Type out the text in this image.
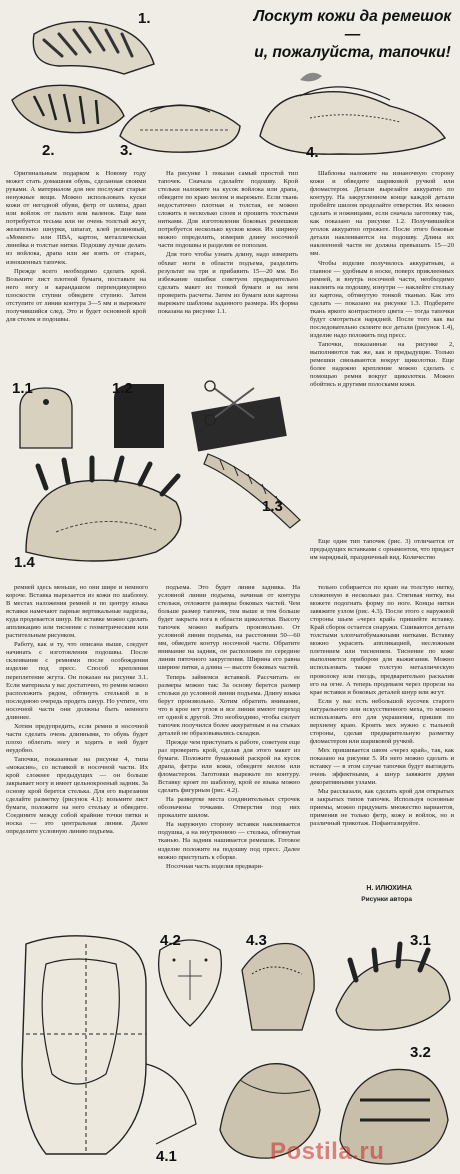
1.
2.	3.	4.
Лоскут кожи да ремешок —
и, пожалуйста, тапочки!

Оригинальным подарком к Новому году может стать домашняя обувь, сделанная своими руками. А материалом для нее послужат старые ненужные вещи. Можно использовать куски кожи от негодной обуви, фетр от шляпы, драп или войлок от пальто или валенок. Еще вам потребуется тесьма или не очень толстый жгут, желательно шнурки, шпагат, клей резиновый, «Момент» или ПВА, картон, металлическая линейка и толстые нитки. Подошву лучше делать из войлока, драпа или же взять от старых, изношенных тапочек.

Прежде всего необходимо сделать крой. Возьмите лист плотной бумаги, поставьте на него ногу и карандашом перпендикулярно плоскости ступни обведите ступню. Затем отступите от линии контура 3—5 мм и вырежьте получившийся след. Это и будет основной крой для стелек и подошвы.

На рисунке 1 показан самый простой тип тапочек. Сначала сделайте подошву. Крой стельки наложите на кусок войлока или драпа, обведите по краю мелом и вырежьте. Если ткань недостаточно плотная и толстая, ее можно сложить в несколько слоев и прошить толстыми нитками. Для изготовления боковых ремешков потребуется несколько кусков кожи. Их ширину можно определить, измерив длину носочной части подошвы и разделив ее пополам.

Для того чтобы узнать длину, надо измерить обхват ноги в области подъема, разделить результат на три и прибавить 15—20 мм. Во избежание ошибки советуем предварительно сделать макет из тонкой бумаги и на нем проверить расчеты. Затем из бумаги или картона вырежьте шаблоны заданного размера. Их форма показана на рисунке 1.1.

Шаблоны наложите на изнаночную сторону кожи и обведите шариковой ручкой или фломастером. Детали вырезайте аккуратно по контуру. На закругленном конце каждой детали пробейте шилом проделайте отверстия. Их можно сделать и ножницами, если сначала заготовку так, как показано на рисунке 1.2. Получившийся уголок аккуратно отрежьте. После этого боковые детали наклеиваются на подошву. Длина их наклеенной части не должна превышать 15—20 мм.

Чтобы изделие получилось аккуратным, а главное — удобным в носке, поверх приклеенных ремней, и внутрь носочной части, необходимо наклеить на подошву, изнутри — наклейте стельку из картона, обтянутую тонкой тканью. Как это сделать — показано на рисунке 1.3. Подберите ткань яркого контрастного цвета — тогда тапочки будут смотреться нарядней. После того как вы последовательно склеите все детали (рисунок 1.4), изделие надо положить под пресс.

Тапочки, показанные на рисунке 2, выполняются так же, как и предыдущие. Только ремешки связываются вокруг щиколотки. Еще более надежно крепление можно сделать с помощью ремня вокруг щиколотки. Можно обойтись и другими полосками кожи.

1.1	1.2
1.3
1.4

Еще один тип тапочек (рис. 3) отличается от предыдущих вставками с орнаментом, что придаст им нарядный, праздничный вид. Количество

ремней здесь меньше, но они шире и немного короче. Вставка вырезается из кожи по шаблону. В местах наложения ремней и по центру языка вставки намечают парные вертикальные надрезы, куда продевается шнур. Не вставке можно сделать аппликацию или тиснение с геометрическим или растительным рисунком.

Работу, как и ту, что описана выше, следует начинать с изготовления подошвы. После склеивания с ремнями после особождения изделие под пресс. Способ крепления переплетение жгута. Он показан на рисунке 3.1. Если материала у вас достаточно, то ремни можно расположить рядом, обтянуть стелькой и в последнюю очередь продеть шнур. Но учтите, что носочной части они должны быть немного длиннее.

Хотим предупредить, если ремни в носочной части сделать очень длинными, то обувь будет плохо облегать ногу и ходить в ней будет неудобно.

Тапочки, показанные на рисунке 4, типа «мокасин», со вставкой в носочной части. Их крой сложнее предыдущих — он больше закрывает ногу и имеет цельнокроеный задник. За основу крой берется стелька. Для его вырезания сделайте разметку (рисунок 4.1): возьмите лист бумаги, положите на него стельку и обведите. Соедините между собой крайние точки пятки и носка — это центральная линия. Далее определите условную линию подъема.

подъема. Это будет линия задника. На условной линии подъема, начиная от контура стельки, отложите размеры боковых частей. Чем больше размер тапочек, тем выше и тем больше будет закрыта нога в области щиколотки. Высоту тапочек можно выбрать произвольно. От условной линии подъема, на расстоянии 50—60 мм, обведите контур носочной части. Обратите внимание на задник, он расположен по середине линии пяточного закругления. Ширина его равна ширине пятки, а длина — высоте боковых частей.

Теперь займемся вставкой. Рассчитать ее размеры можно так: За основу берется размер стельки до условной линии подъема. Длину языка берут произвольно. Хотим обратить внимание, что в крое нет углов и все линии имеют переход от одной к другой. Это необходимо, чтобы силует тапочек получился более аккуратным и на стыках деталей не образовывались складки.

Прежде чем приступать к работе, советуем еще раз проверить крой, сделав для этого макет из бумаги. Положите бумажный раскрой на кусок драпа, фетра или кожи, обведите мелом или фломастером. Заготовки вырежьте по контуру. Вставку кроят по шаблону, крой ее языка можно сделать фигурным (рис. 4.2).

На развертке места соединительных строчек обозначены точками. Отверстия под них прокалите шилом.

На наружную сторону вставки наклеивается подушка, а на внутреннюю — стелька, обтянутая тканью. На задник нашивается ремешок. Готовое изделие положите на подошву под пресс. Далее можно приступать к сборке.

Носочная часть изделия предвари-

тельно собирается по краю на толстую нитку, сложенную в несколько раз. Стягивая нитку, вы можете подогнать форму по ноге. Концы нитки завяжите узлом (рис. 4.3). После этого с наружной стороны шьем «через край» пришейте вставку. Край сборок остается снаружи. Сшиваются детали толстыми хлопчатобумажными нитками. Вставку можно украсить аппликацией, несложным плетением или тиснением. Тиснение по коже выполняется прибором для выжигания. Можно использовать также толстую металлическую проволоку или гвоздь, предварительно раскалив его на огне. А теперь продеваем через прорези на крае вставки и боковых деталей шнур или жгут.

Если у вас есть небольшой кусочек старого натурального или искусственного меха, то можно использовать его для украшения, пришив по верхнему краю. Кроить мех нужно с тыльной стороны, сделав предварительную разметку фломастером или шариковой ручкой.

Мех пришивается швом «через край», так, как показано на рисунке 5. Из него можно сделать и вставку — в этом случае тапочки будут выглядеть очень эффектными, а шнур завяжите двумя декоративными узлами.

Мы рассказали, как сделать крой для открытых и закрытых типов тапочек. Используя основные приемы, можно придумать множество вариантов, применив не только фетр, кожу и войлок, но и различный трикотаж. Пофантазируйте.

Н. ИЛЮХИНА
Рисунки автора
4.1
4.2	4.3	3.1
3.2
Postila.ru
